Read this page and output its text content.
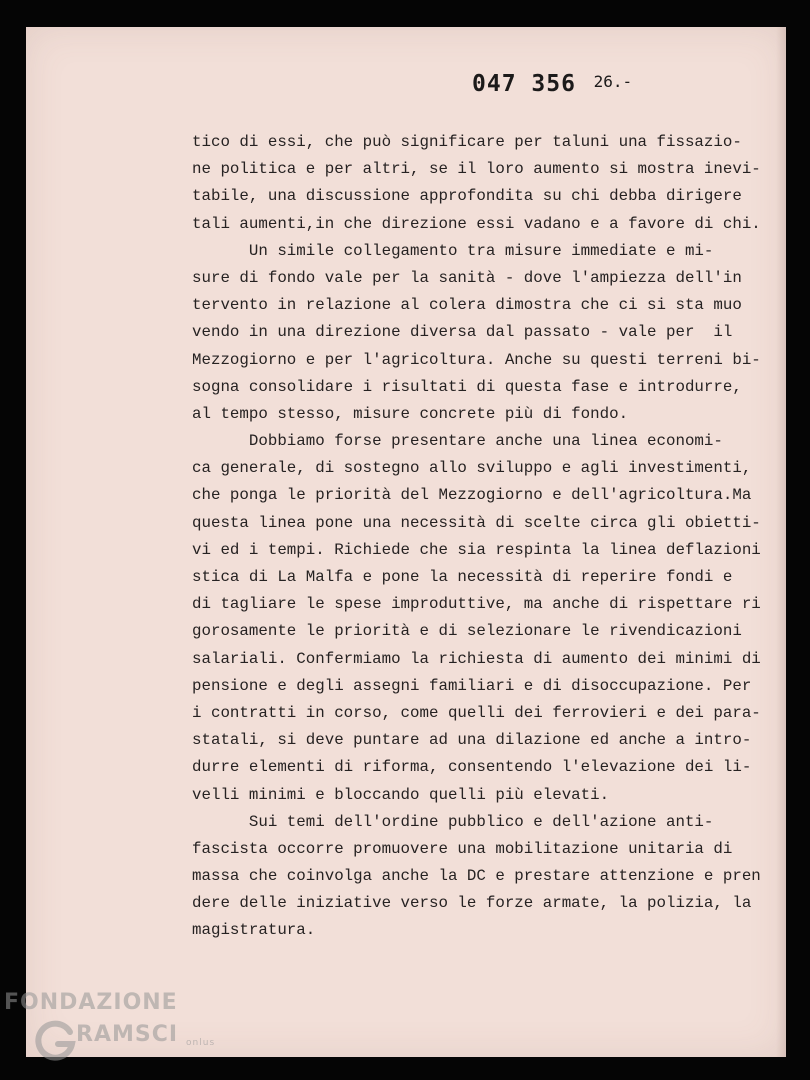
047 356 26.-
tico di essi, che può significare per taluni una fissazio-
ne politica e per altri, se il loro aumento si mostra inevi-
tabile, una discussione approfondita su chi debba dirigere
tali aumenti,in che direzione essi vadano e a favore di chi.
Un simile collegamento tra misure immediate e mi-
sure di fondo vale per la sanità - dove l'ampiezza dell'in
tervento in relazione al colera dimostra che ci si sta muo
vendo in una direzione diversa dal passato - vale per  il
Mezzogiorno e per l'agricoltura. Anche su questi terreni bi-
sogna consolidare i risultati di questa fase e introdurre,
al tempo stesso, misure concrete più di fondo.
Dobbiamo forse presentare anche una linea economi-
ca generale, di sostegno allo sviluppo e agli investimenti,
che ponga le priorità del Mezzogiorno e dell'agricoltura.Ma
questa linea pone una necessità di scelte circa gli obietti-
vi ed i tempi. Richiede che sia respinta la linea deflazioni
stica di La Malfa e pone la necessità di reperire fondi e
di tagliare le spese improduttive, ma anche di rispettare ri
gorosamente le priorità e di selezionare le rivendicazioni
salariali. Confermiamo la richiesta di aumento dei minimi di
pensione e degli assegni familiari e di disoccupazione. Per
i contratti in corso, come quelli dei ferrovieri e dei para-
statali, si deve puntare ad una dilazione ed anche a intro-
durre elementi di riforma, consentendo l'elevazione dei li-
velli minimi e bloccando quelli più elevati.
Sui temi dell'ordine pubblico e dell'azione anti-
fascista occorre promuovere una mobilitazione unitaria di
massa che coinvolga anche la DC e prestare attenzione e pren
dere delle iniziative verso le forze armate, la polizia, la
magistratura.
FONDAZIONE
RAMSCI onlus
